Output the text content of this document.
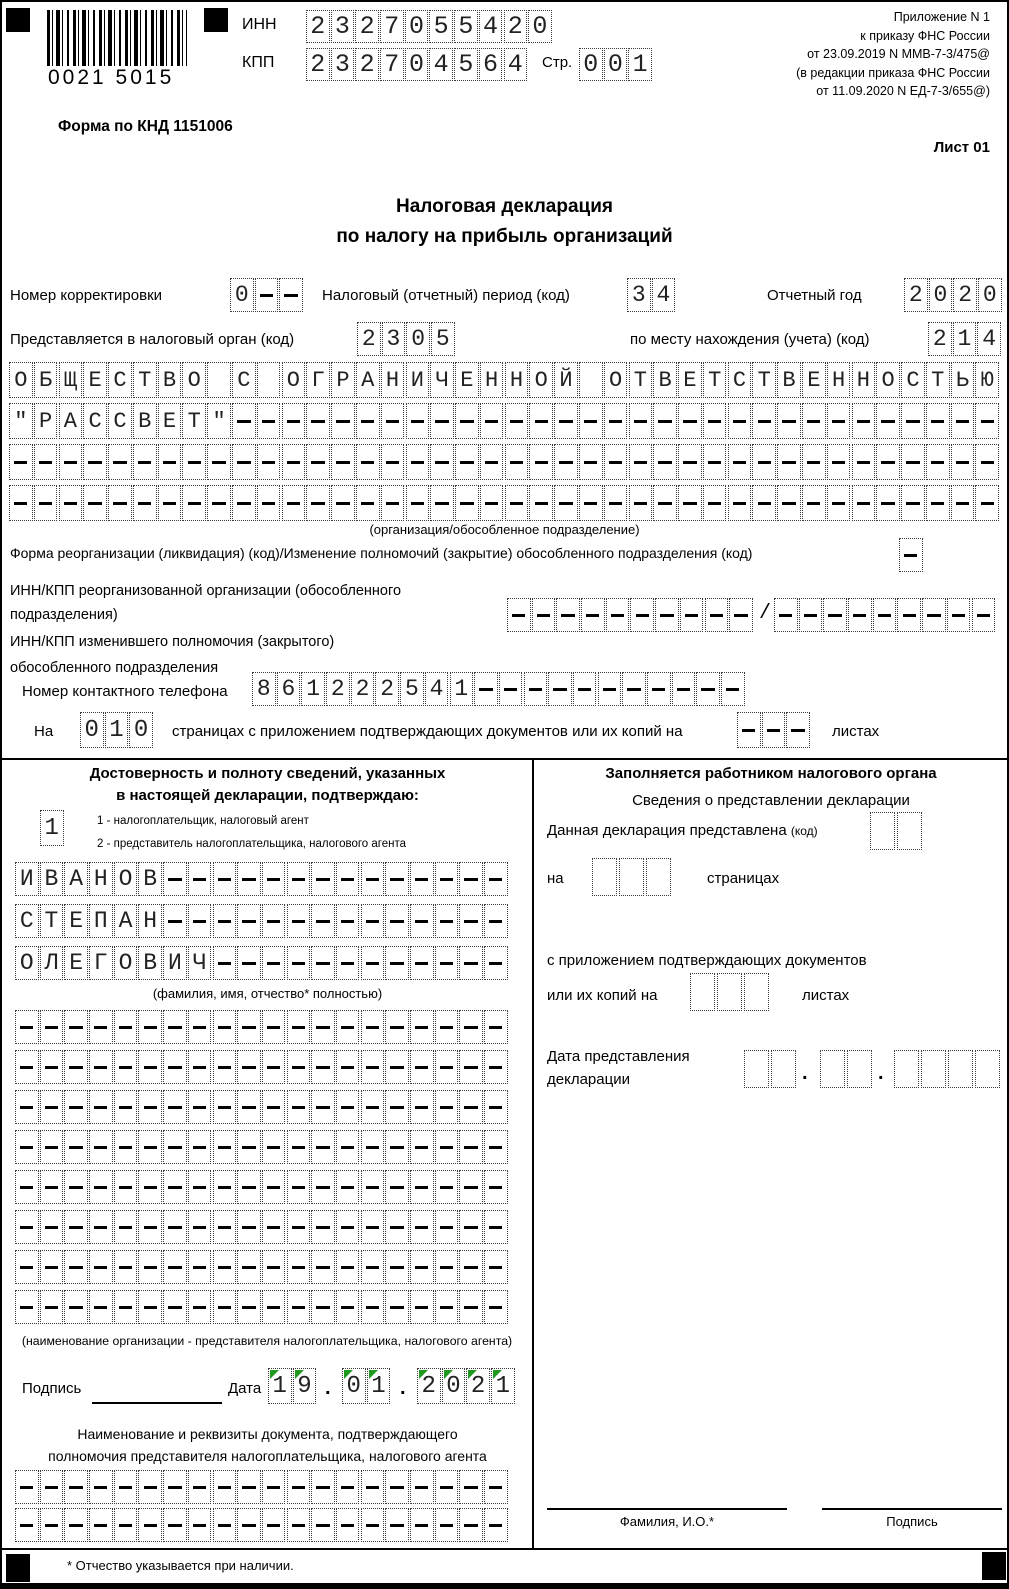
0021 5015
ИНН 2 3 2 7 0 5 5 4 2 0
КПП 2 3 2 7 0 4 5 6 4 Стр. 0 0 1
Приложение N 1
к приказу ФНС России
от 23.09.2019 N ММВ-7-3/475@
(в редакции приказа ФНС России
от 11.09.2020 N ЕД-7-3/655@)
Форма по КНД 1151006
Лист 01
Налоговая декларация
по налогу на прибыль организаций
Номер корректировки	0	Налоговый (отчетный) период (код)	3 4	Отчетный год 2 0 2 0
Представляется в налоговый орган (код)	2 3 0 5	по месту нахождения (учета) (код)	2 1 4
О Б Щ Е С Т В О С О Г Р А Н И Ч Е Н Н О Й О Т В Е Т С Т В Е Н Н О С Т Ь Ю
" Р А С С В Е Т "
(организация/обособленное подразделение)
Форма реорганизации (ликвидация) (код)/Изменение полномочий (закрытие) обособленного подразделения (код)
ИНН/КПП реорганизованной организации (обособленного
подразделения)
ИНН/КПП изменившего полномочия (закрытого)
обособленного подразделения
/
Номер контактного телефона 8 6 1 2 2 2 5 4 1
На 0 1 0	страницах с приложением подтверждающих документов или их копий на	листах
Достоверность и полноту сведений, указанных
в настоящей декларации, подтверждаю:
1	1 - налогоплательщик, налоговый агент
2 - представитель налогоплательщика, налогового агента
И В А Н О В
С Т Е П А Н
О Л Е Г О В И Ч
(фамилия, имя, отчество* полностью)
(наименование организации - представителя налогоплательщика, налогового агента)
Подпись	Дата 1 9 . 0 1 . 2 0 2 1
Наименование и реквизиты документа, подтверждающего
полномочия представителя налогоплательщика, налогового агента
Заполняется работником налогового органа
Сведения о представлении декларации
Данная декларация представлена (код)
на	страницах
с приложением подтверждающих документов
или их копий на	листах
Дата представления
декларации	.	.
Фамилия, И.О.*	Подпись
* Отчество указывается при наличии.
